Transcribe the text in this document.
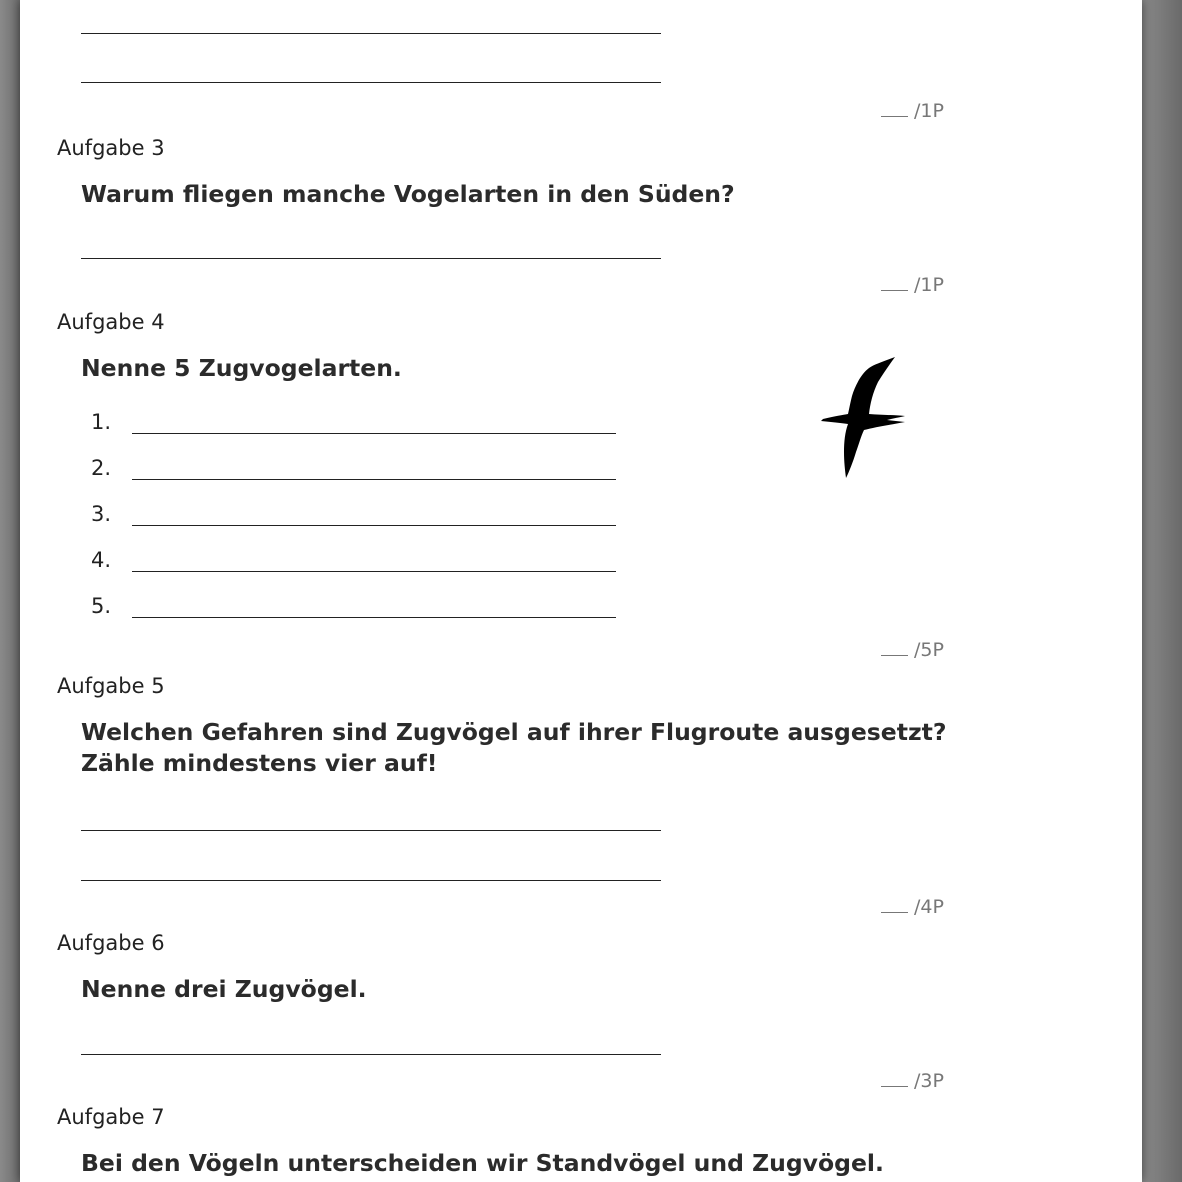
/1P
Aufgabe 3
Warum fliegen manche Vogelarten in den Süden?
/1P
Aufgabe 4
Nenne 5 Zugvogelarten.
1.
2.
3.
4.
5.
/5P
Aufgabe 5
Welchen Gefahren sind Zugvögel auf ihrer Flugroute ausgesetzt?
Zähle mindestens vier auf!
/4P
Aufgabe 6
Nenne drei Zugvögel.
/3P
Aufgabe 7
Bei den Vögeln unterscheiden wir Standvögel und Zugvögel.
